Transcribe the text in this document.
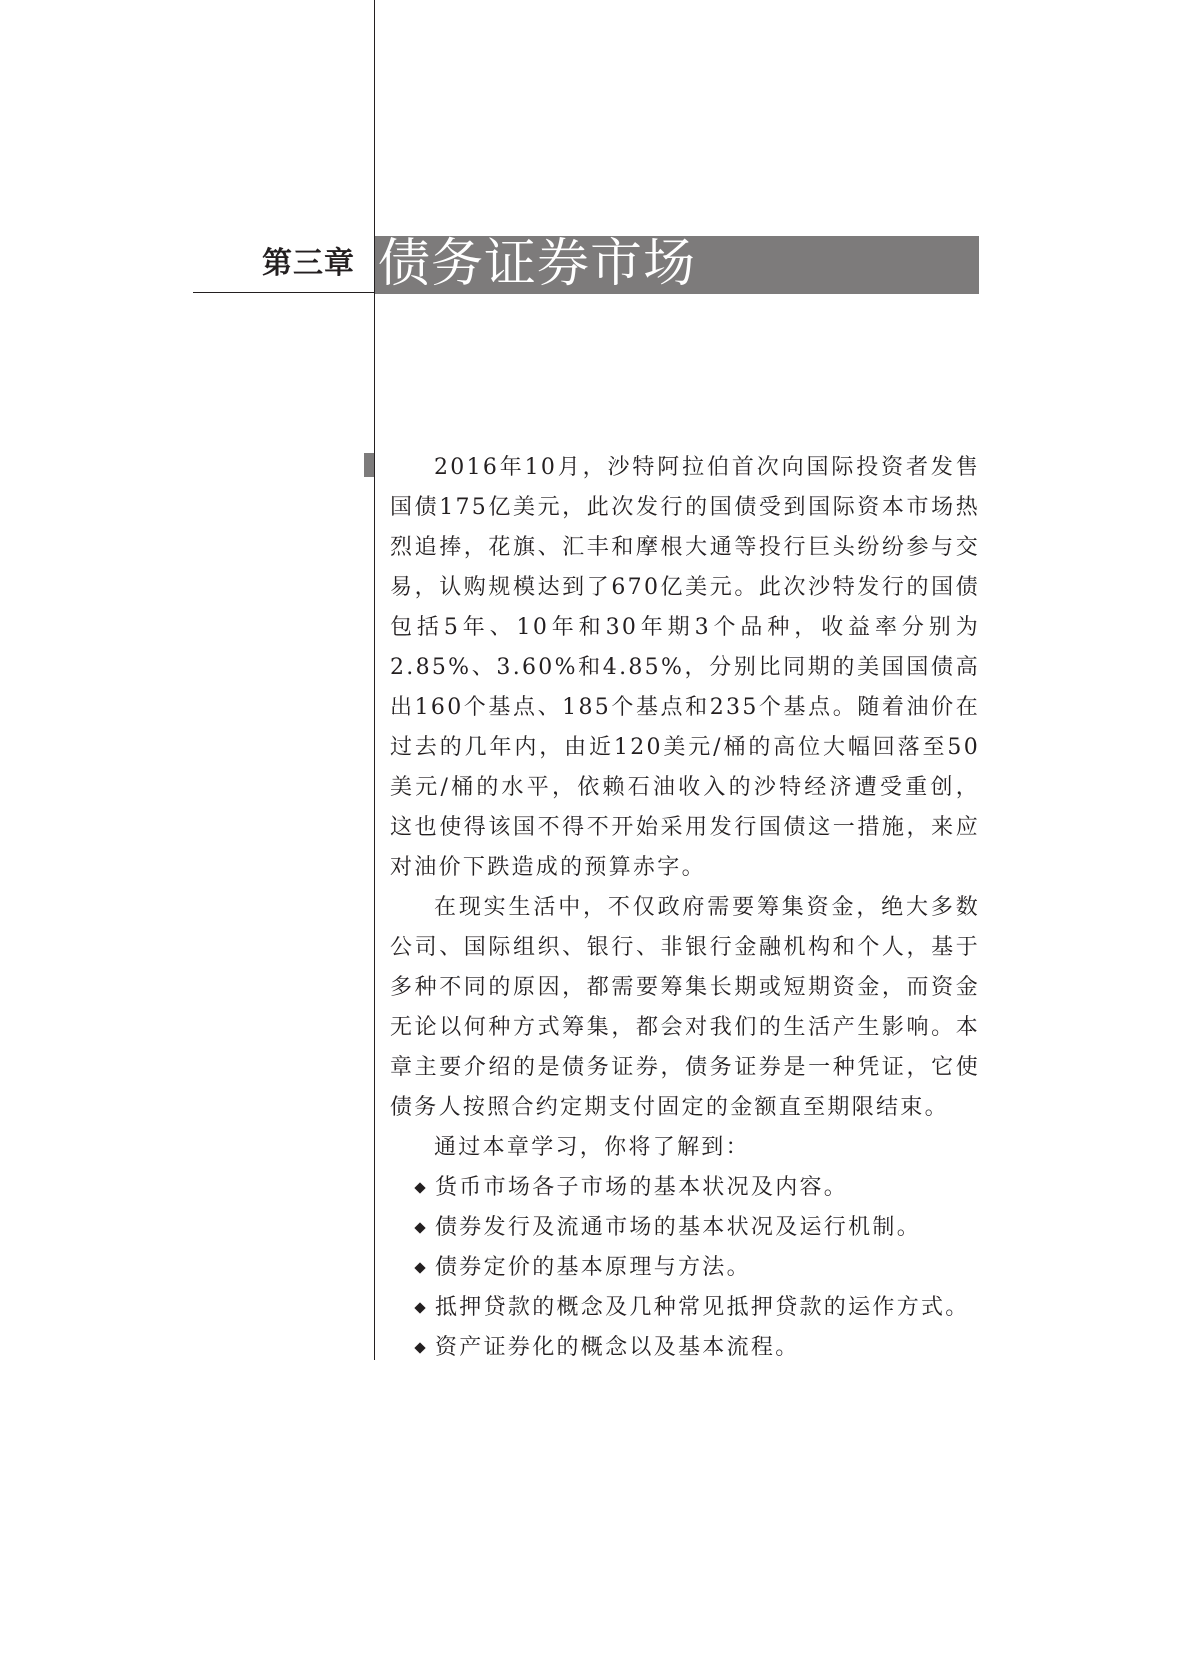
第三章 债务证券市场

2016年10月，沙特阿拉伯首次向国际投资者发售国债175亿美元，此次发行的国债受到国际资本市场热烈追捧，花旗、汇丰和摩根大通等投行巨头纷纷参与交易，认购规模达到了670亿美元。此次沙特发行的国债包括5年、10年和30年期3个品种，收益率分别为2.85%、3.60%和4.85%，分别比同期的美国国债高出160个基点、185个基点和235个基点。随着油价在过去的几年内，由近120美元/桶的高位大幅回落至50美元/桶的水平，依赖石油收入的沙特经济遭受重创，这也使得该国不得不开始采用发行国债这一措施，来应对油价下跌造成的预算赤字。

在现实生活中，不仅政府需要筹集资金，绝大多数公司、国际组织、银行、非银行金融机构和个人，基于多种不同的原因，都需要筹集长期或短期资金，而资金无论以何种方式筹集，都会对我们的生活产生影响。本章主要介绍的是债务证券，债务证券是一种凭证，它使债务人按照合约定期支付固定的金额直至期限结束。

通过本章学习，你将了解到：

货币市场各子市场的基本状况及内容。
债券发行及流通市场的基本状况及运行机制。
债券定价的基本原理与方法。
抵押贷款的概念及几种常见抵押贷款的运作方式。
资产证券化的概念以及基本流程。
